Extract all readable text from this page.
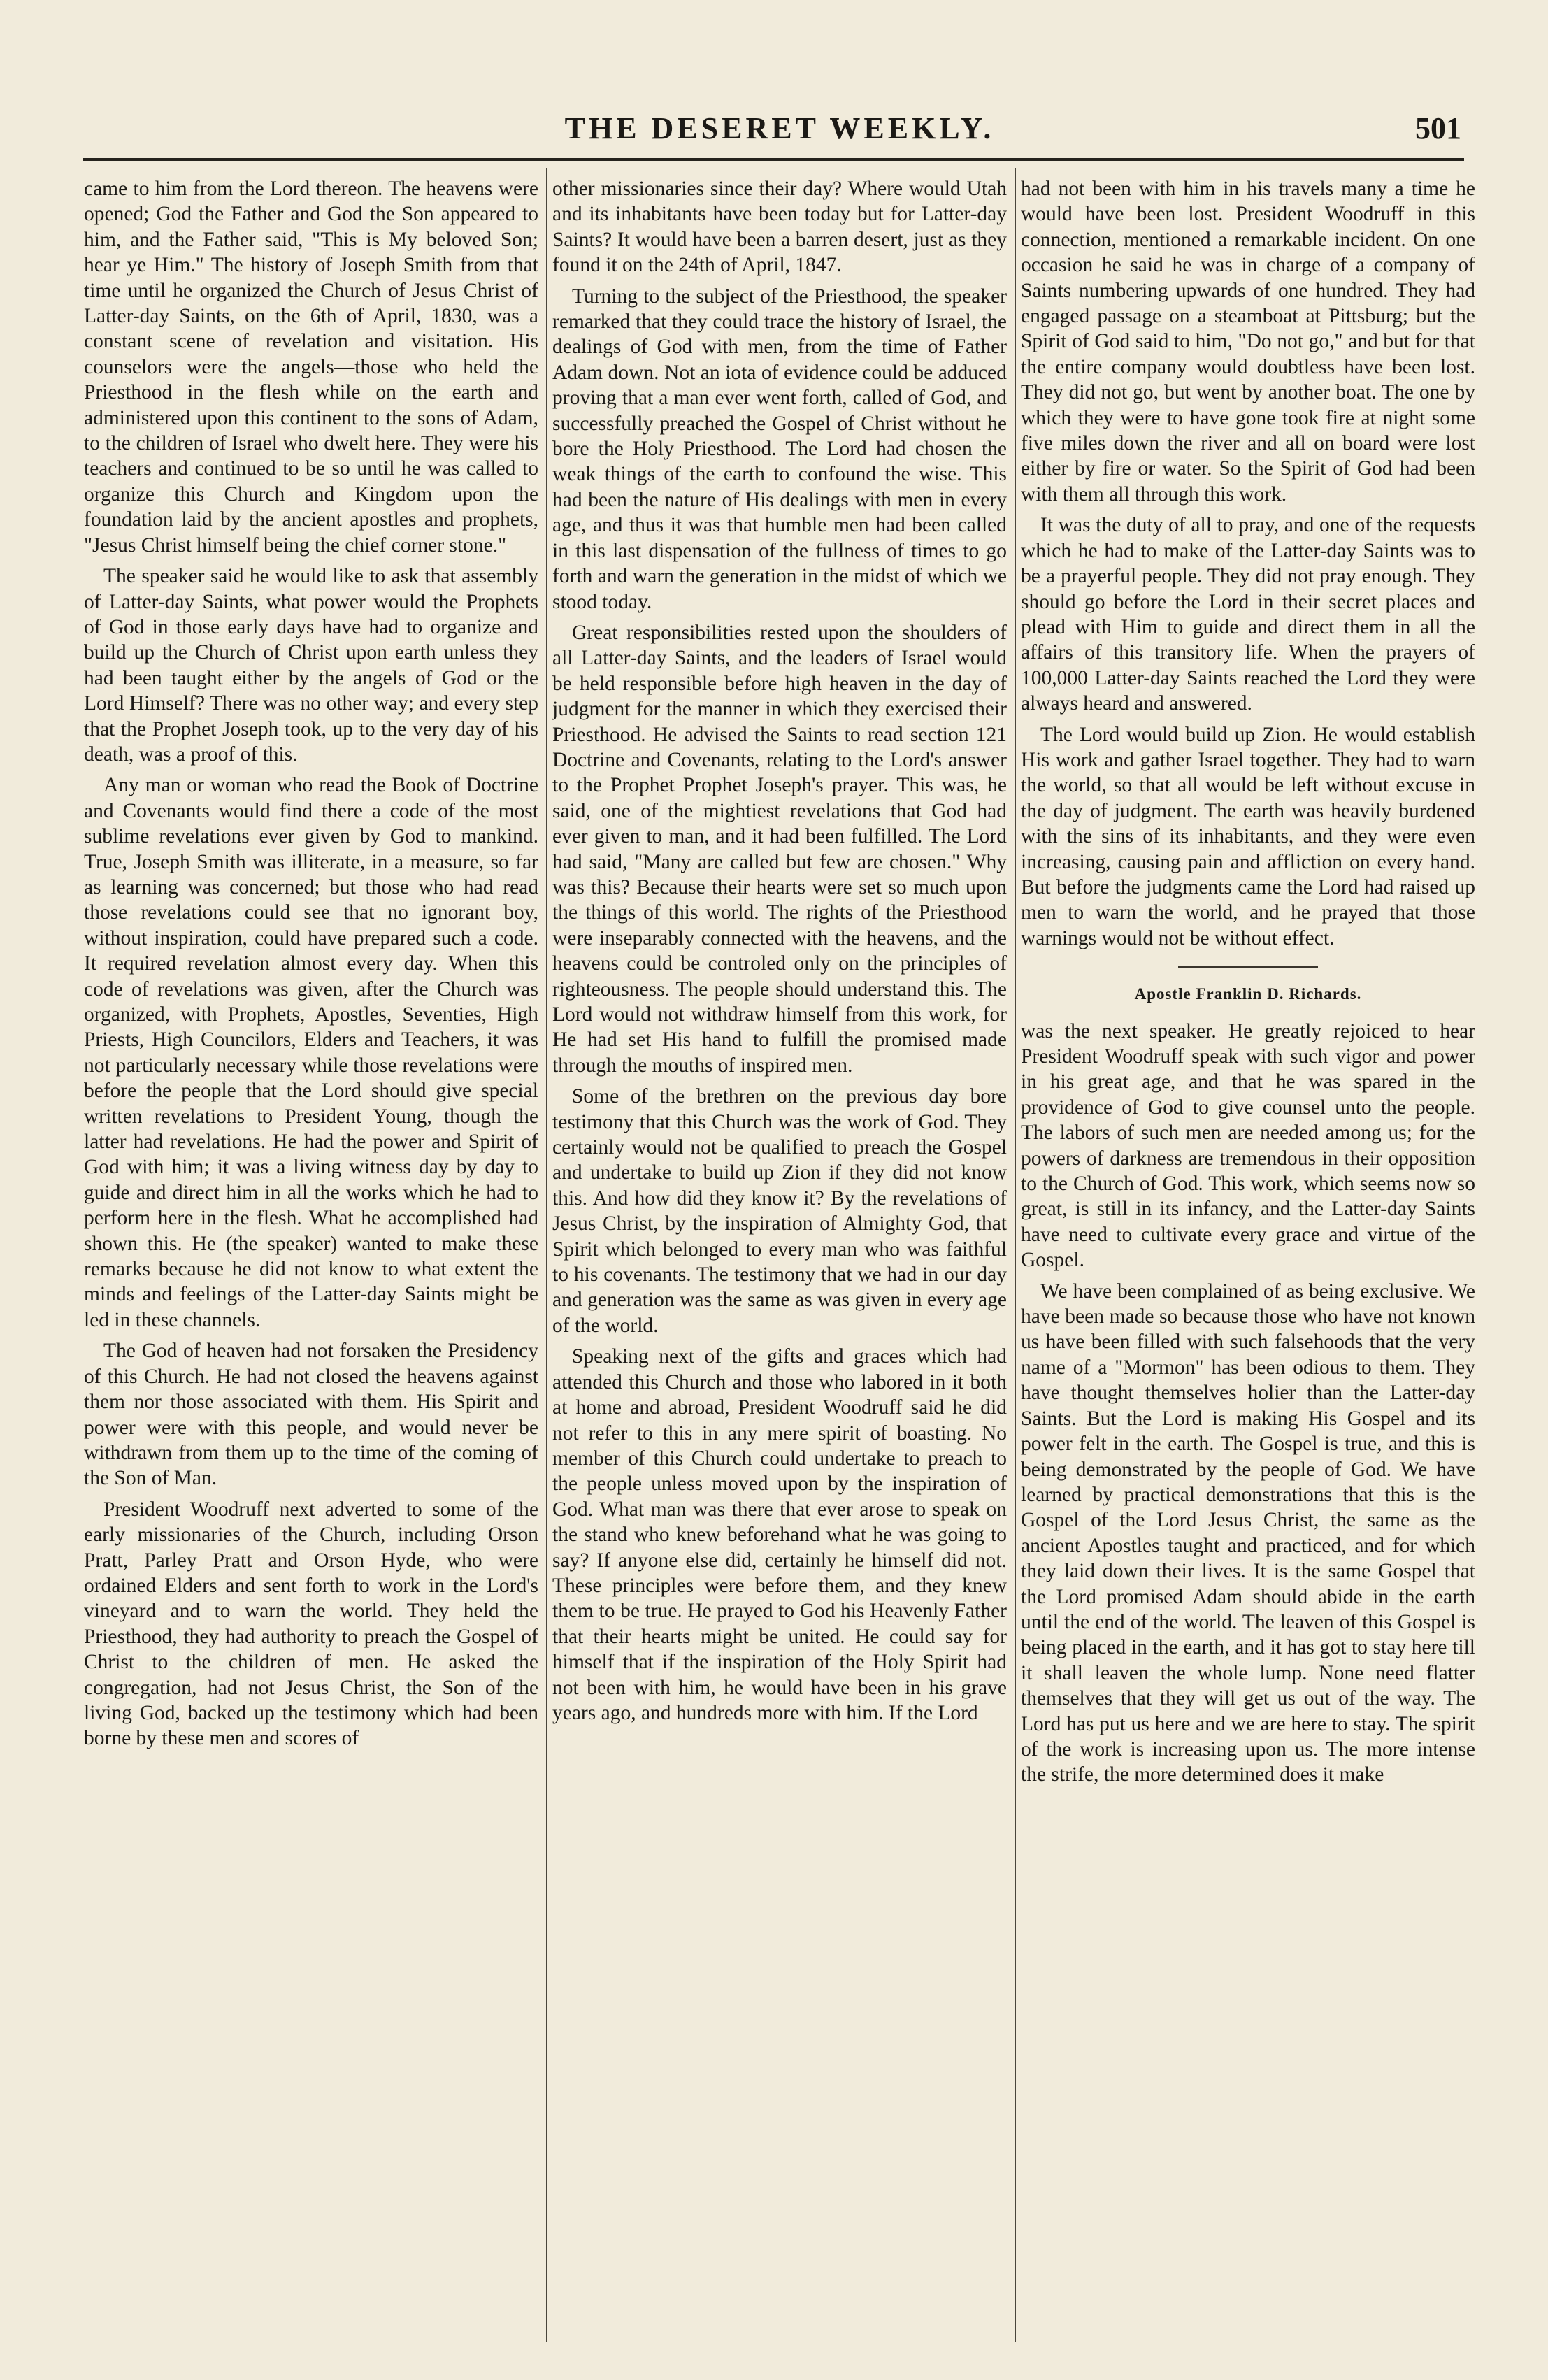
THE DESERET WEEKLY.	501

came to him from the Lord thereon. The heavens were opened; God the Father and God the Son appeared to him, and the Father said, "This is My beloved Son; hear ye Him." The history of Joseph Smith from that time until he organized the Church of Jesus Christ of Latter-day Saints, on the 6th of April, 1830, was a constant scene of revelation and visitation. His counselors were the angels—those who held the Priesthood in the flesh while on the earth and administered upon this continent to the sons of Adam, to the children of Israel who dwelt here. They were his teachers and continued to be so until he was called to organize this Church and Kingdom upon the foundation laid by the ancient apostles and prophets, "Jesus Christ himself being the chief corner stone."

The speaker said he would like to ask that assembly of Latter-day Saints, what power would the Prophets of God in those early days have had to organize and build up the Church of Christ upon earth unless they had been taught either by the angels of God or the Lord Himself? There was no other way; and every step that the Prophet Joseph took, up to the very day of his death, was a proof of this.

Any man or woman who read the Book of Doctrine and Covenants would find there a code of the most sublime revelations ever given by God to mankind. True, Joseph Smith was illiterate, in a measure, so far as learning was concerned; but those who had read those revelations could see that no ignorant boy, without inspiration, could have prepared such a code. It required revelation almost every day. When this code of revelations was given, after the Church was organized, with Prophets, Apostles, Seventies, High Priests, High Councilors, Elders and Teachers, it was not particularly necessary while those revelations were before the people that the Lord should give special written revelations to President Young, though the latter had revelations. He had the power and Spirit of God with him; it was a living witness day by day to guide and direct him in all the works which he had to perform here in the flesh. What he accomplished had shown this. He (the speaker) wanted to make these remarks because he did not know to what extent the minds and feelings of the Latter-day Saints might be led in these channels.

The God of heaven had not forsaken the Presidency of this Church. He had not closed the heavens against them nor those associated with them. His Spirit and power were with this people, and would never be withdrawn from them up to the time of the coming of the Son of Man.

President Woodruff next adverted to some of the early missionaries of the Church, including Orson Pratt, Parley Pratt and Orson Hyde, who were ordained Elders and sent forth to work in the Lord's vineyard and to warn the world. They held the Priesthood, they had authority to preach the Gospel of Christ to the children of men. He asked the congregation, had not Jesus Christ, the Son of the living God, backed up the testimony which had been borne by these men and scores of

other missionaries since their day? Where would Utah and its inhabitants have been today but for Latter-day Saints? It would have been a barren desert, just as they found it on the 24th of April, 1847.

Turning to the subject of the Priesthood, the speaker remarked that they could trace the history of Israel, the dealings of God with men, from the time of Father Adam down. Not an iota of evidence could be adduced proving that a man ever went forth, called of God, and successfully preached the Gospel of Christ without he bore the Holy Priesthood. The Lord had chosen the weak things of the earth to confound the wise. This had been the nature of His dealings with men in every age, and thus it was that humble men had been called in this last dispensation of the fullness of times to go forth and warn the generation in the midst of which we stood today.

Great responsibilities rested upon the shoulders of all Latter-day Saints, and the leaders of Israel would be held responsible before high heaven in the day of judgment for the manner in which they exercised their Priesthood. He advised the Saints to read section 121 Doctrine and Covenants, relating to the Lord's answer to the Prophet Prophet Joseph's prayer. This was, he said, one of the mightiest revelations that God had ever given to man, and it had been fulfilled. The Lord had said, "Many are called but few are chosen." Why was this? Because their hearts were set so much upon the things of this world. The rights of the Priesthood were inseparably connected with the heavens, and the heavens could be controled only on the principles of righteousness. The people should understand this. The Lord would not withdraw himself from this work, for He had set His hand to fulfill the promised made through the mouths of inspired men.

Some of the brethren on the previous day bore testimony that this Church was the work of God. They certainly would not be qualified to preach the Gospel and undertake to build up Zion if they did not know this. And how did they know it? By the revelations of Jesus Christ, by the inspiration of Almighty God, that Spirit which belonged to every man who was faithful to his covenants. The testimony that we had in our day and generation was the same as was given in every age of the world.

Speaking next of the gifts and graces which had attended this Church and those who labored in it both at home and abroad, President Woodruff said he did not refer to this in any mere spirit of boasting. No member of this Church could undertake to preach to the people unless moved upon by the inspiration of God. What man was there that ever arose to speak on the stand who knew beforehand what he was going to say? If anyone else did, certainly he himself did not. These principles were before them, and they knew them to be true. He prayed to God his Heavenly Father that their hearts might be united. He could say for himself that if the inspiration of the Holy Spirit had not been with him, he would have been in his grave years ago, and hundreds more with him. If the Lord

had not been with him in his travels many a time he would have been lost. President Woodruff in this connection, mentioned a remarkable incident. On one occasion he said he was in charge of a company of Saints numbering upwards of one hundred. They had engaged passage on a steamboat at Pittsburg; but the Spirit of God said to him, "Do not go," and but for that the entire company would doubtless have been lost. They did not go, but went by another boat. The one by which they were to have gone took fire at night some five miles down the river and all on board were lost either by fire or water. So the Spirit of God had been with them all through this work.

It was the duty of all to pray, and one of the requests which he had to make of the Latter-day Saints was to be a prayerful people. They did not pray enough. They should go before the Lord in their secret places and plead with Him to guide and direct them in all the affairs of this transitory life. When the prayers of 100,000 Latter-day Saints reached the Lord they were always heard and answered.

The Lord would build up Zion. He would establish His work and gather Israel together. They had to warn the world, so that all would be left without excuse in the day of judgment. The earth was heavily burdened with the sins of its inhabitants, and they were even increasing, causing pain and affliction on every hand. But before the judgments came the Lord had raised up men to warn the world, and he prayed that those warnings would not be without effect.

Apostle Franklin D. Richards.

was the next speaker. He greatly rejoiced to hear President Woodruff speak with such vigor and power in his great age, and that he was spared in the providence of God to give counsel unto the people. The labors of such men are needed among us; for the powers of darkness are tremendous in their opposition to the Church of God. This work, which seems now so great, is still in its infancy, and the Latter-day Saints have need to cultivate every grace and virtue of the Gospel.

We have been complained of as being exclusive. We have been made so because those who have not known us have been filled with such falsehoods that the very name of a "Mormon" has been odious to them. They have thought themselves holier than the Latter-day Saints. But the Lord is making His Gospel and its power felt in the earth. The Gospel is true, and this is being demonstrated by the people of God. We have learned by practical demonstrations that this is the Gospel of the Lord Jesus Christ, the same as the ancient Apostles taught and practiced, and for which they laid down their lives. It is the same Gospel that the Lord promised Adam should abide in the earth until the end of the world. The leaven of this Gospel is being placed in the earth, and it has got to stay here till it shall leaven the whole lump. None need flatter themselves that they will get us out of the way. The Lord has put us here and we are here to stay. The spirit of the work is increasing upon us. The more intense the strife, the more determined does it make
